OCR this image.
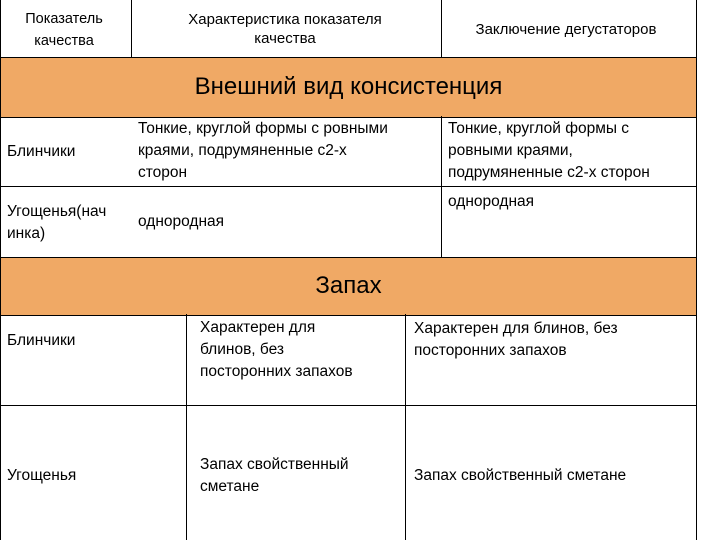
Показатель
качества
Характеристика показателя
качества
Заключение дегустаторов
Внешний вид консистенция
Блинчики
Тонкие, круглой формы с ровными
краями, подрумяненные с2-х
сторон
Тонкие, круглой формы с
ровными краями,
подрумяненные с2-х сторон
Угощенья(нач
инка)
однородная
однородная
Запах
Блинчики
Характерен для
блинов, без
посторонних запахов
Характерен для блинов, без
посторонних запахов
Угощенья
Запах свойственный
сметане
Запах свойственный сметане
